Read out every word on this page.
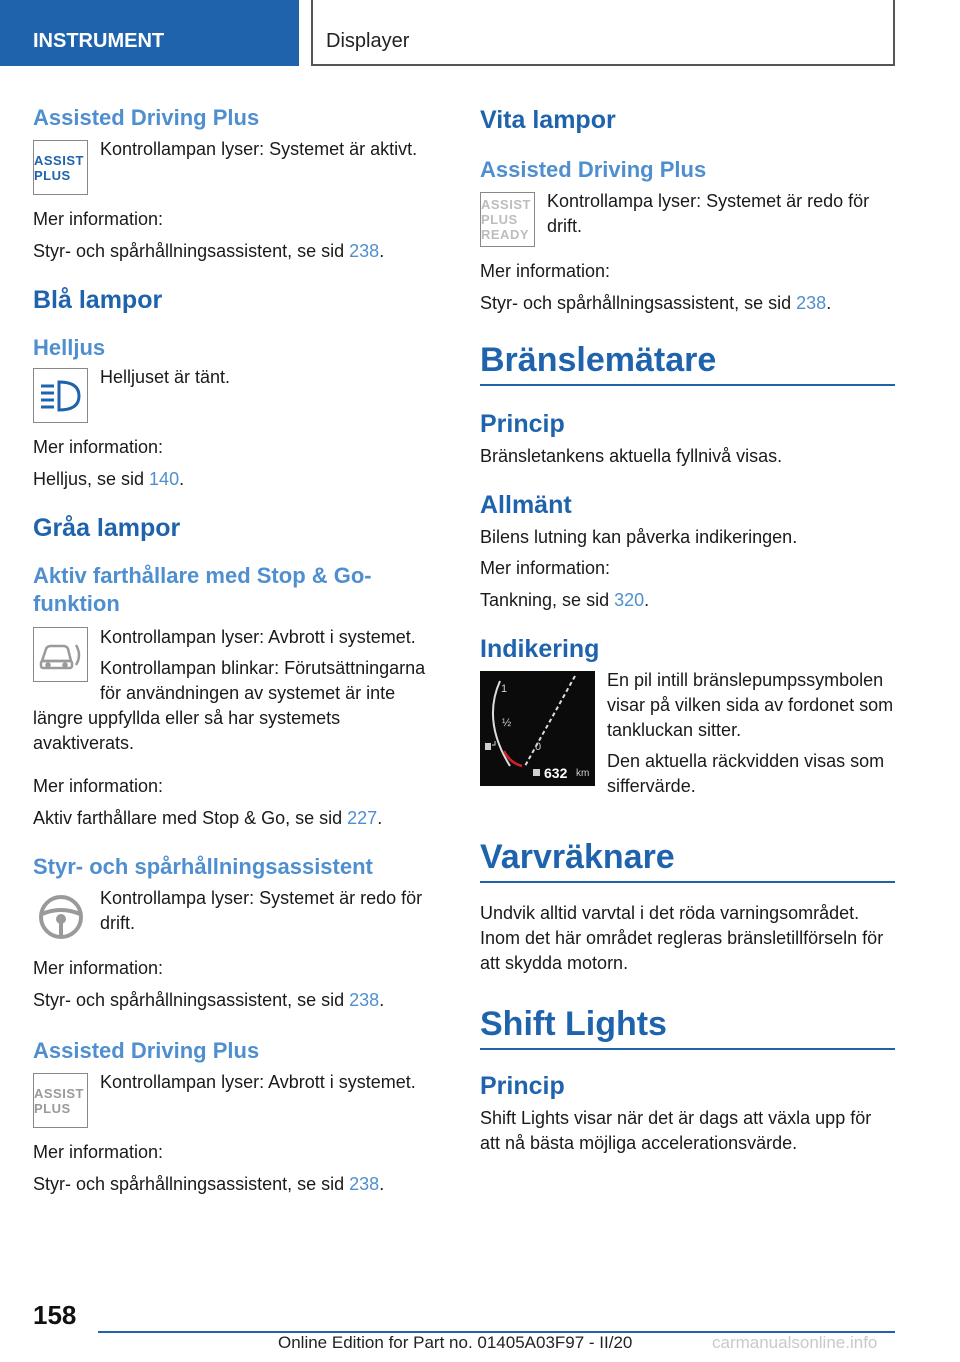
INSTRUMENT	Displayer
Assisted Driving Plus
ASSIST PLUS
Kontrollampan lyser: Systemet är aktivt.
Mer information:
Styr- och spårhållningsassistent, se sid 238.
Blå lampor
Helljus
Helljuset är tänt.
Mer information:
Helljus, se sid 140.
Gråa lampor
Aktiv farthållare med Stop & Go-funktion
Kontrollampan lyser: Avbrott i systemet.
Kontrollampan blinkar: Förutsättningarna för användningen av systemet är inte längre uppfyllda eller så har systemets avaktiverats.
Mer information:
Aktiv farthållare med Stop & Go, se sid 227.
Styr- och spårhållningsassistent
Kontrollampa lyser: Systemet är redo för drift.
Mer information:
Styr- och spårhållningsassistent, se sid 238.
Assisted Driving Plus
ASSIST PLUS
Kontrollampan lyser: Avbrott i systemet.
Mer information:
Styr- och spårhållningsassistent, se sid 238.
Vita lampor
Assisted Driving Plus
ASSIST PLUS READY
Kontrollampa lyser: Systemet är redo för drift.
Mer information:
Styr- och spårhållningsassistent, se sid 238.
Bränslemätare
Princip
Bränsletankens aktuella fyllnivå visas.
Allmänt
Bilens lutning kan påverka indikeringen.
Mer information:
Tankning, se sid 320.
Indikering
1
½
0
632 km
En pil intill bränslepumpssymbolen visar på vilken sida av fordonet som tankluckan sitter.
Den aktuella räckvidden visas som siffervärde.
Varvräknare
Undvik alltid varvtal i det röda varningsområdet. Inom det här området regleras bränsletillförseln för att skydda motorn.
Shift Lights
Princip
Shift Lights visar när det är dags att växla upp för att nå bästa möjliga accelerationsvärde.
158
Online Edition for Part no. 01405A03F97 - II/20	carmanualsonline.info
